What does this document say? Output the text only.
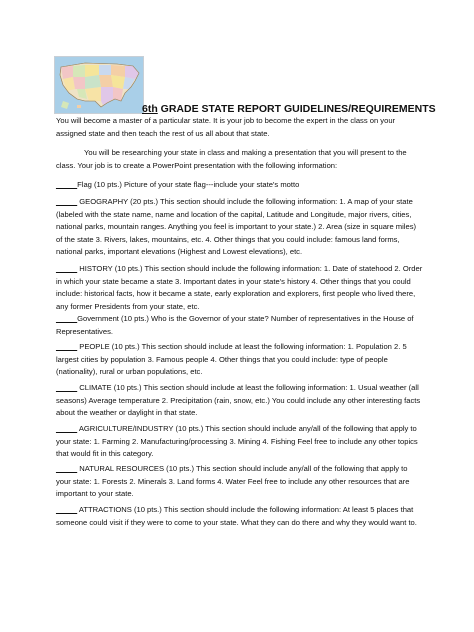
6th GRADE STATE REPORT GUIDELINES/REQUIREMENTS

You will become a master of a particular state. It is your job to become the expert in the class on your assigned state and then teach the rest of us all about that state.

You will be researching your state in class and making a presentation that you will present to the class. Your job is to create a PowerPoint presentation with the following information:

_____Flag (10 pts.) Picture of your state flag---include your state's motto

_____ GEOGRAPHY (20 pts.) This section should include the following information: 1. A map of your state (labeled with the state name, name and location of the capital, Latitude and Longitude, major rivers, cities, national parks, mountain ranges. Anything you feel is important to your state.) 2. Area (size in square miles) of the state 3. Rivers, lakes, mountains, etc. 4. Other things that you could include: famous land forms, national parks, important elevations (Highest and Lowest elevations), etc.

_____ HISTORY (10 pts.) This section should include the following information: 1. Date of statehood 2. Order in which your state became a state 3. Important dates in your state's history 4. Other things that you could include: historical facts, how it became a state, early exploration and explorers, first people who lived there, any former Presidents from your state, etc.

_____Government (10 pts.) Who is the Governor of your state? Number of representatives in the House of Representatives.

_____ PEOPLE (10 pts.) This section should include at least the following information: 1. Population 2. 5 largest cities by population 3. Famous people 4. Other things that you could include: type of people (nationality), rural or urban populations, etc.

_____ CLIMATE (10 pts.) This section should include at least the following information: 1. Usual weather (all seasons) Average temperature 2. Precipitation (rain, snow, etc.) You could include any other interesting facts about the weather or daylight in that state.

_____ AGRICULTURE/INDUSTRY (10 pts.) This section should include any/all of the following that apply to your state: 1. Farming 2. Manufacturing/processing 3. Mining 4. Fishing Feel free to include any other topics that would fit in this category.

_____ NATURAL RESOURCES (10 pts.) This section should include any/all of the following that apply to your state: 1. Forests 2. Minerals 3. Land forms 4. Water Feel free to include any other resources that are important to your state.

_____ ATTRACTIONS (10 pts.) This section should include the following information: At least 5 places that someone could visit if they were to come to your state. What they can do there and why they would want to.
